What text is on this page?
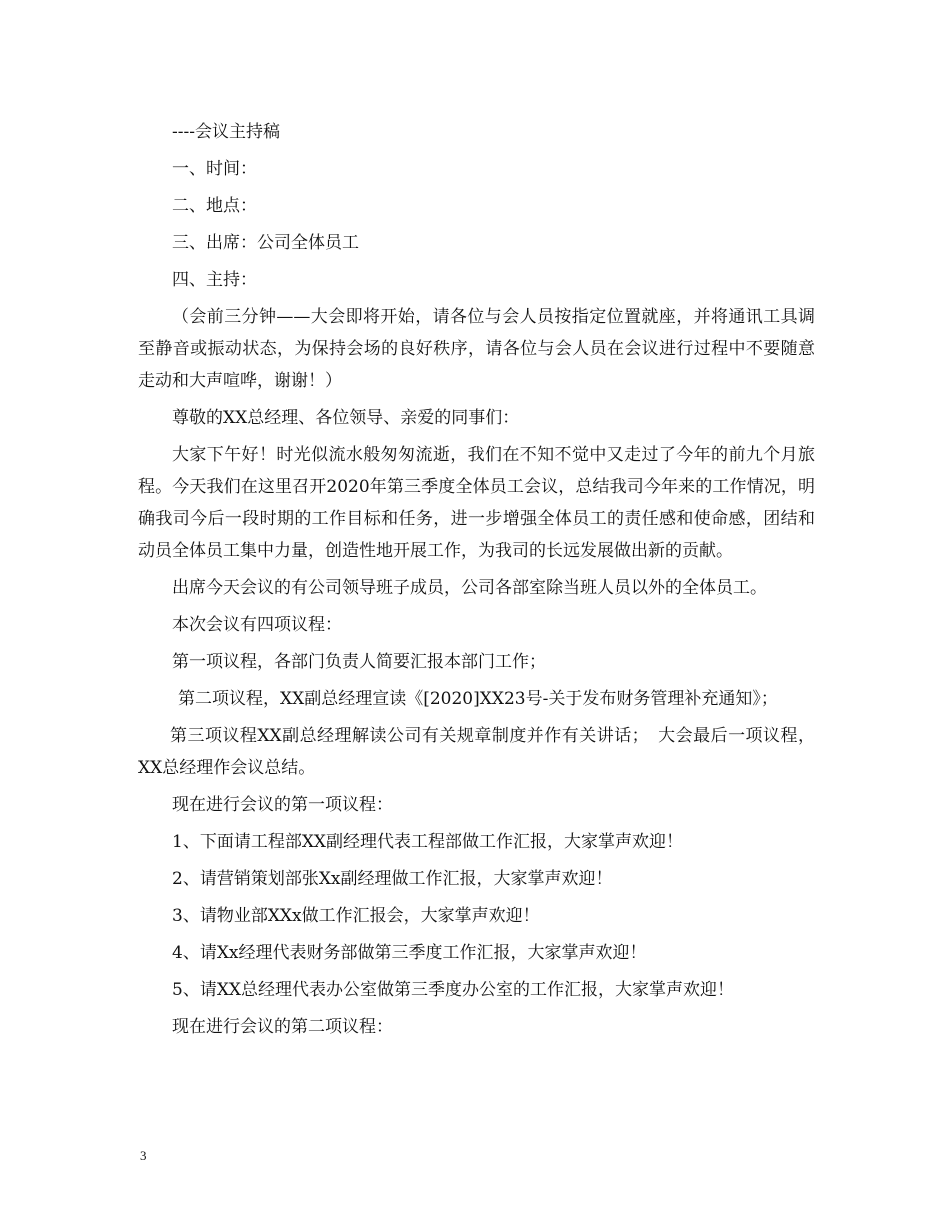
----会议主持稿

一、时间：

二、地点：

三、出席：公司全体员工

四、主持：

（会前三分钟——大会即将开始，请各位与会人员按指定位置就座，并将通讯工具调至静音或振动状态，为保持会场的良好秩序，请各位与会人员在会议进行过程中不要随意走动和大声喧哗，谢谢！）

尊敬的XX总经理、各位领导、亲爱的同事们：

大家下午好！时光似流水般匆匆流逝，我们在不知不觉中又走过了今年的前九个月旅程。今天我们在这里召开2020年第三季度全体员工会议，总结我司今年来的工作情况，明确我司今后一段时期的工作目标和任务，进一步增强全体员工的责任感和使命感，团结和动员全体员工集中力量，创造性地开展工作，为我司的长远发展做出新的贡献。

出席今天会议的有公司领导班子成员，公司各部室除当班人员以外的全体员工。

本次会议有四项议程：

第一项议程，各部门负责人简要汇报本部门工作；

第二项议程，XX副总经理宣读《[2020]XX23号-关于发布财务管理补充通知》；

第三项议程XX副总经理解读公司有关规章制度并作有关讲话；　大会最后一项议程，XX总经理作会议总结。

现在进行会议的第一项议程：

1、下面请工程部XX副经理代表工程部做工作汇报，大家掌声欢迎！

2、请营销策划部张Xx副经理做工作汇报，大家掌声欢迎！

3、请物业部XXx做工作汇报会，大家掌声欢迎！

4、请Xx经理代表财务部做第三季度工作汇报，大家掌声欢迎！

5、请XX总经理代表办公室做第三季度办公室的工作汇报，大家掌声欢迎！

现在进行会议的第二项议程：

3
